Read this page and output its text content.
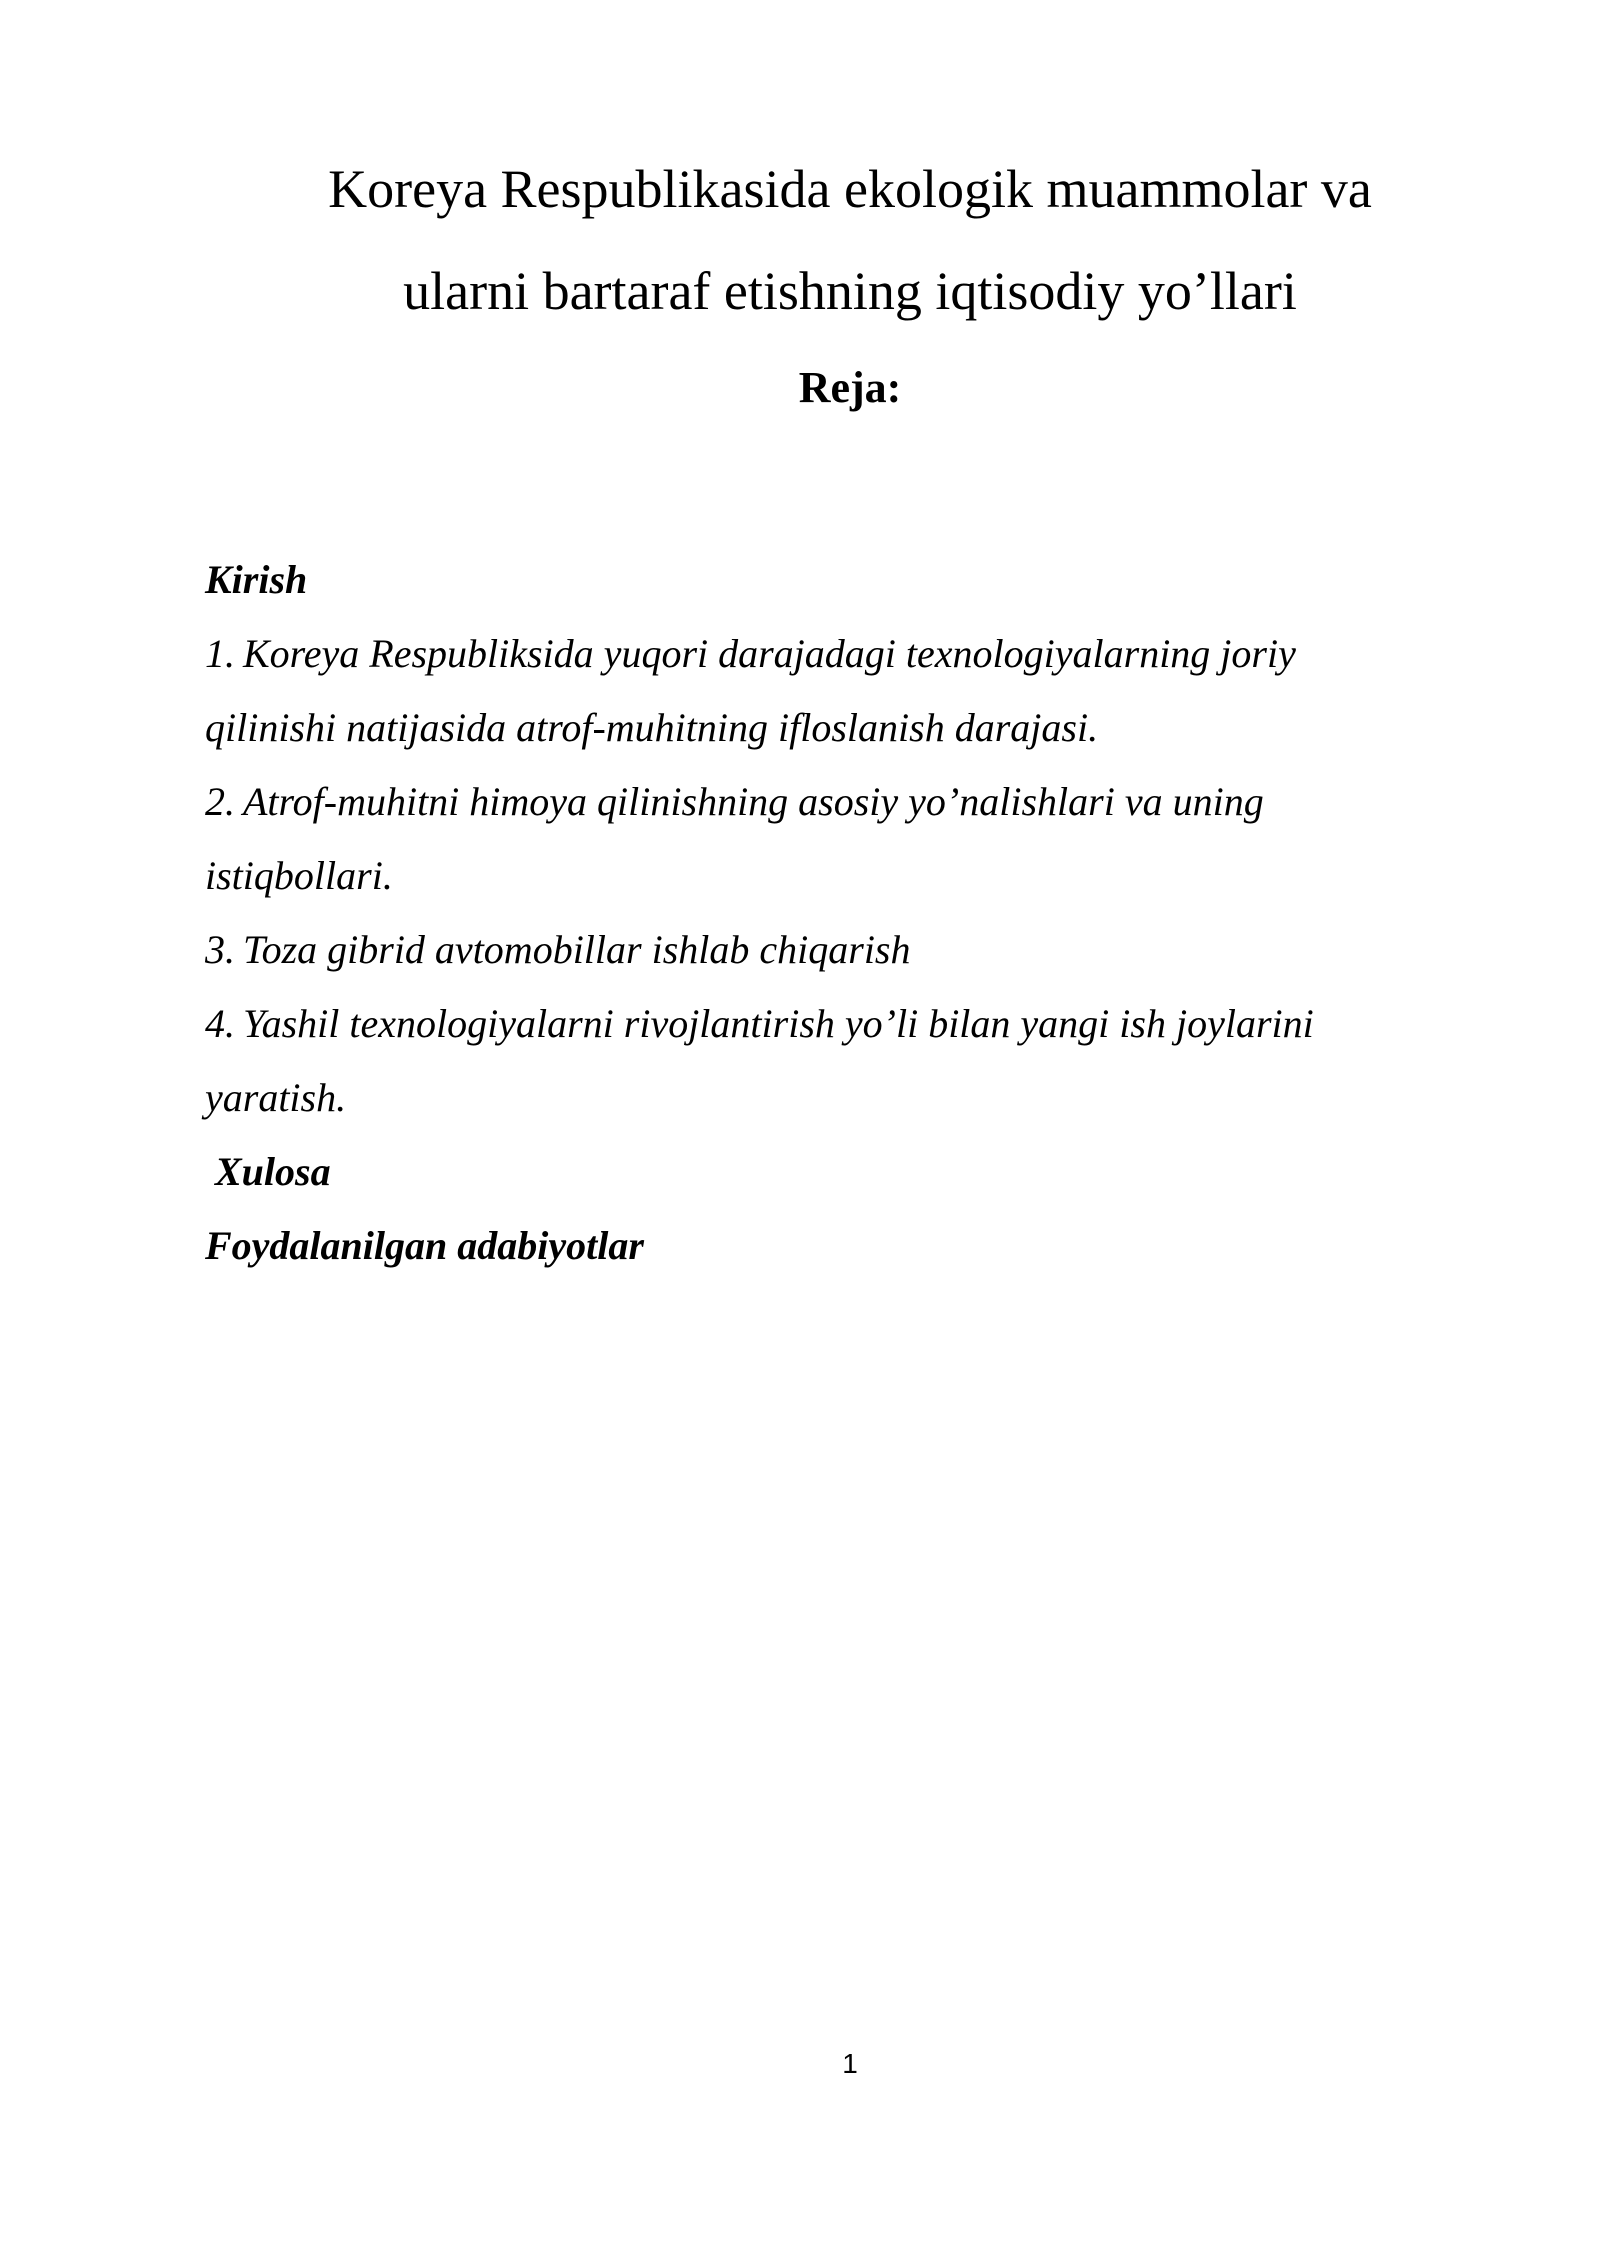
Koreya Respublikasida ekologik muammolar va
ularni bartaraf etishning iqtisodiy yo’llari
Reja:
Kirish
1. Koreya Respubliksida yuqori darajadagi texnologiyalarning joriy
qilinishi natijasida atrof-muhitning ifloslanish darajasi.
2. Atrof-muhitni himoya qilinishning asosiy yo’nalishlari va uning
istiqbollari.
3. Toza gibrid avtomobillar ishlab chiqarish
4. Yashil texnologiyalarni rivojlantirish yo’li bilan yangi ish joylarini
yaratish.
Xulosa
Foydalanilgan adabiyotlar
1
